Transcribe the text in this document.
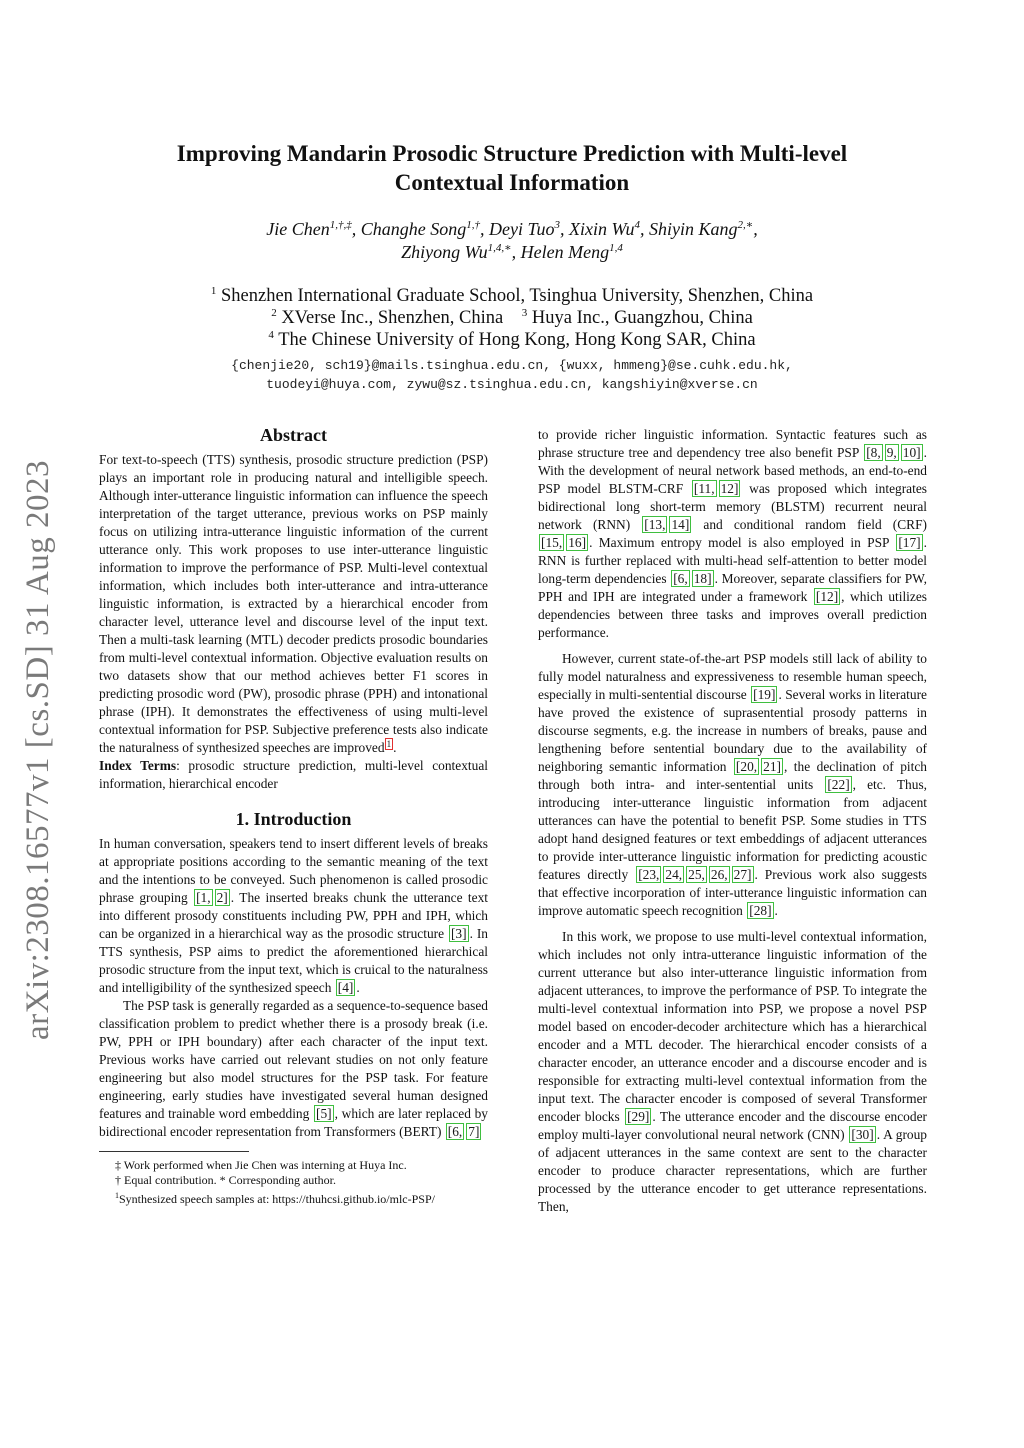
arXiv:2308.16577v1 [cs.SD] 31 Aug 2023
Improving Mandarin Prosodic Structure Prediction with Multi-level
Contextual Information
Jie Chen$^{1,\dagger,\ddagger}$, Changhe Song$^{1,\dagger}$, Deyi Tuo$^3$, Xixin Wu$^4$, Shiyin Kang$^{2,∗}$,
Zhiyong $Wu^{1,4,∗}$, Helen Meng$^{1,4}$
$^1$ Shenzhen International Graduate School, Tsinghua University, Shenzhen, China
$^2$ XVerse Inc., Shenzhen, China $^3$ Huya Inc., Guangzhou, China
$^4$ The Chinese University of Hong Kong, Hong Kong SAR, China
{chenjie20, sch19}@mails.tsinghua.edu.cn, {wuxx, hmmeng}@se.cuhk.edu.hk,
tuodeyi@huya.com, zywu@sz.tsinghua.edu.cn, kangshiyin@xverse.cn
Abstract

For text-to-speech (TTS) synthesis, prosodic structure prediction (PSP) plays an important role in producing natural and intelligible speech. Although inter-utterance linguistic information can influence the speech interpretation of the target utterance, previous works on PSP mainly focus on utilizing intra-utterance linguistic information of the current utterance only. This work proposes to use inter-utterance linguistic information to improve the performance of PSP. Multi-level contextual information, which includes both inter-utterance and intra-utterance linguistic information, is extracted by a hierarchical encoder from character level, utterance level and discourse level of the input text. Then a multi-task learning (MTL) decoder predicts prosodic boundaries from multi-level contextual information. Objective evaluation results on two datasets show that our method achieves better F1 scores in predicting prosodic word (PW), prosodic phrase (PPH) and intonational phrase (IPH). It demonstrates the effectiveness of using multi-level contextual information for PSP. Subjective preference tests also indicate the naturalness of synthesized speeches are improved $^1$ .

Index Terms: prosodic structure prediction, multi-level contextual information, hierarchical encoder

1. Introduction

In human conversation, speakers tend to insert different levels of breaks at appropriate positions according to the semantic meaning of the text and the intentions to be conveyed. Such phenomenon is called prosodic phrase grouping [1, 2] . The inserted breaks chunk the utterance text into different prosody constituents including PW, PPH and IPH, which can be organized in a hierarchical way as the prosodic structure [3] . In TTS synthesis, PSP aims to predict the aforementioned hierarchical prosodic structure from the input text, which is cruical to the naturalness and intelligibility of the synthesized speech [4] .

The PSP task is generally regarded as a sequence-to-sequence based classification problem to predict whether there is a prosody break (i.e. PW, PPH or IPH boundary) after each character of the input text. Previous works have carried out relevant studies on not only feature engineering but also model structures for the PSP task. For feature engineering, early studies have investigated several human designed features and trainable word embedding [5] , which are later replaced by bidirectional encoder representation from Transformers (BERT) [6, 7]

‡ Work performed when Jie Chen was interning at Huya Inc.

† Equal contribution. * Corresponding author.

$^1$Synthesized speech samples at: https://thuhcsi.github.io/mlc-PSP/

to provide richer linguistic information. Syntactic features such as phrase structure tree and dependency tree also benefit PSP [8, 9, 10] . With the development of neural network based methods, an end-to-end PSP model BLSTM-CRF [11, 12] was proposed which integrates bidirectional long short-term memory (BLSTM) recurrent neural network (RNN) [13, 14] and conditional random field (CRF) [15, 16] . Maximum entropy model is also employed in PSP [17] . RNN is further replaced with multi-head self-attention to better model long-term dependencies [6, 18] . Moreover, separate classifiers for PW, PPH and IPH are integrated under a framework [12] , which utilizes dependencies between three tasks and improves overall prediction performance.

However, current state-of-the-art PSP models still lack of ability to fully model naturalness and expressiveness to resemble human speech, especially in multi-sentential discourse [19] . Several works in literature have proved the existence of suprasentential prosody patterns in discourse segments, e.g. the increase in numbers of breaks, pause and lengthening before sentential boundary due to the availability of neighboring semantic information [20, 21] , the declination of pitch through both intra- and inter-sentential units [22] , etc. Thus, introducing inter-utterance linguistic information from adjacent utterances can have the potential to benefit PSP. Some studies in TTS adopt hand designed features or text embeddings of adjacent utterances to provide inter-utterance linguistic information for predicting acoustic features directly [23, 24, 25, 26, 27] . Previous work also suggests that effective incorporation of inter-utterance linguistic information can improve automatic speech recognition [28] .

In this work, we propose to use multi-level contextual information, which includes not only intra-utterance linguistic information of the current utterance but also inter-utterance linguistic information from adjacent utterances, to improve the performance of PSP. To integrate the multi-level contextual information into PSP, we propose a novel PSP model based on encoder-decoder architecture which has a hierarchical encoder and a MTL decoder. The hierarchical encoder consists of a character encoder, an utterance encoder and a discourse encoder and is responsible for extracting multi-level contextual information from the input text. The character encoder is composed of several Transformer encoder blocks [29] . The utterance encoder and the discourse encoder employ multi-layer convolutional neural network (CNN) [30] . A group of adjacent utterances in the same context are sent to the character encoder to produce character representations, which are further processed by the utterance encoder to get utterance representations. Then,
